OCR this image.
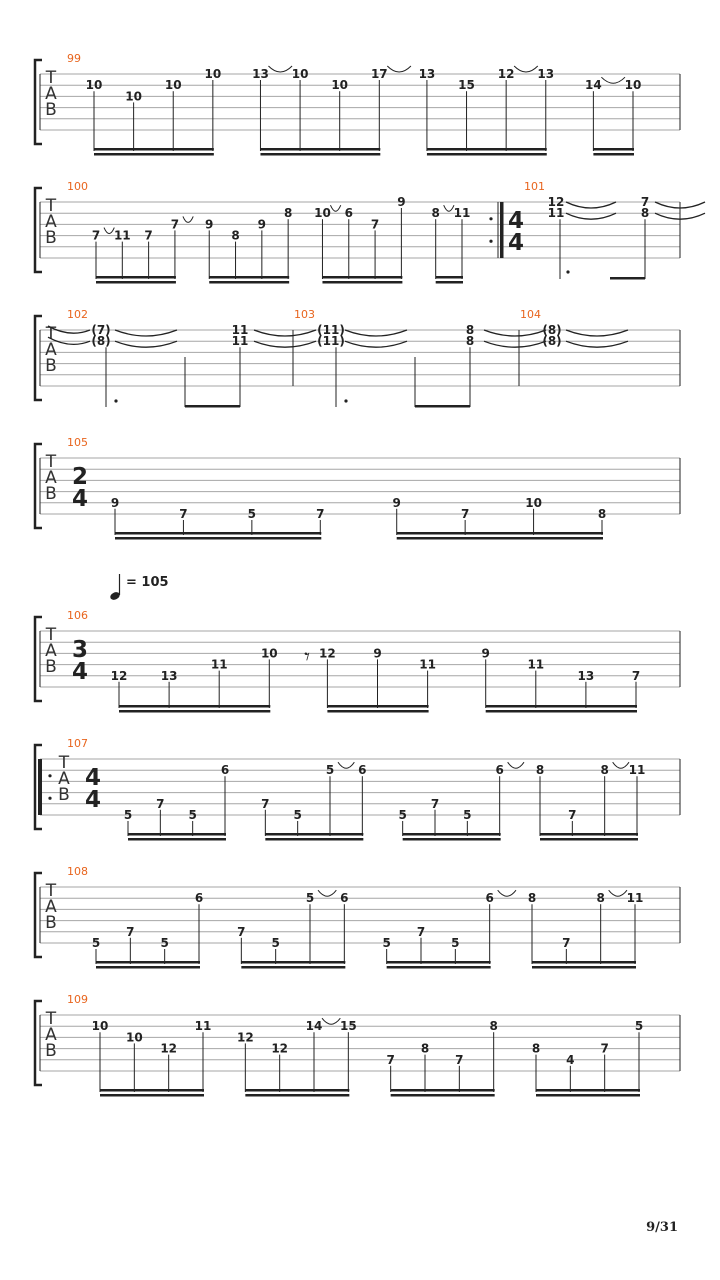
T
A
B
99
10
10
10
10	13 10
10
17	13
15
12 13
14 10
T
A
B
100
7 11 7
7 9
8
9
8 10 6
7
9
8 11 4
4
101
12
11
7
8
T
A
B
102
(7)
(8)
11
11
103
(11)
(11)
8
8
104
(8)
(8)
T
A
B
105
2
4 9
7	5	7
9
7
10
8
T
A
B
106
3
4
= 105
𝄾
12	13
11
10	12	9
11
9
11
13	7
T
A
B
107
4
4
5
7
5
6
7
5
5 6
5
7
5
6	8
7
8 11
T
A
B
108
5
7
5
6
7
5
5 6
5
7
5
6	8
7
8 11
T
A
B
109
10
10
12
11
12
12
14 15
7
8
7
8
8
4
7
5
9/31
